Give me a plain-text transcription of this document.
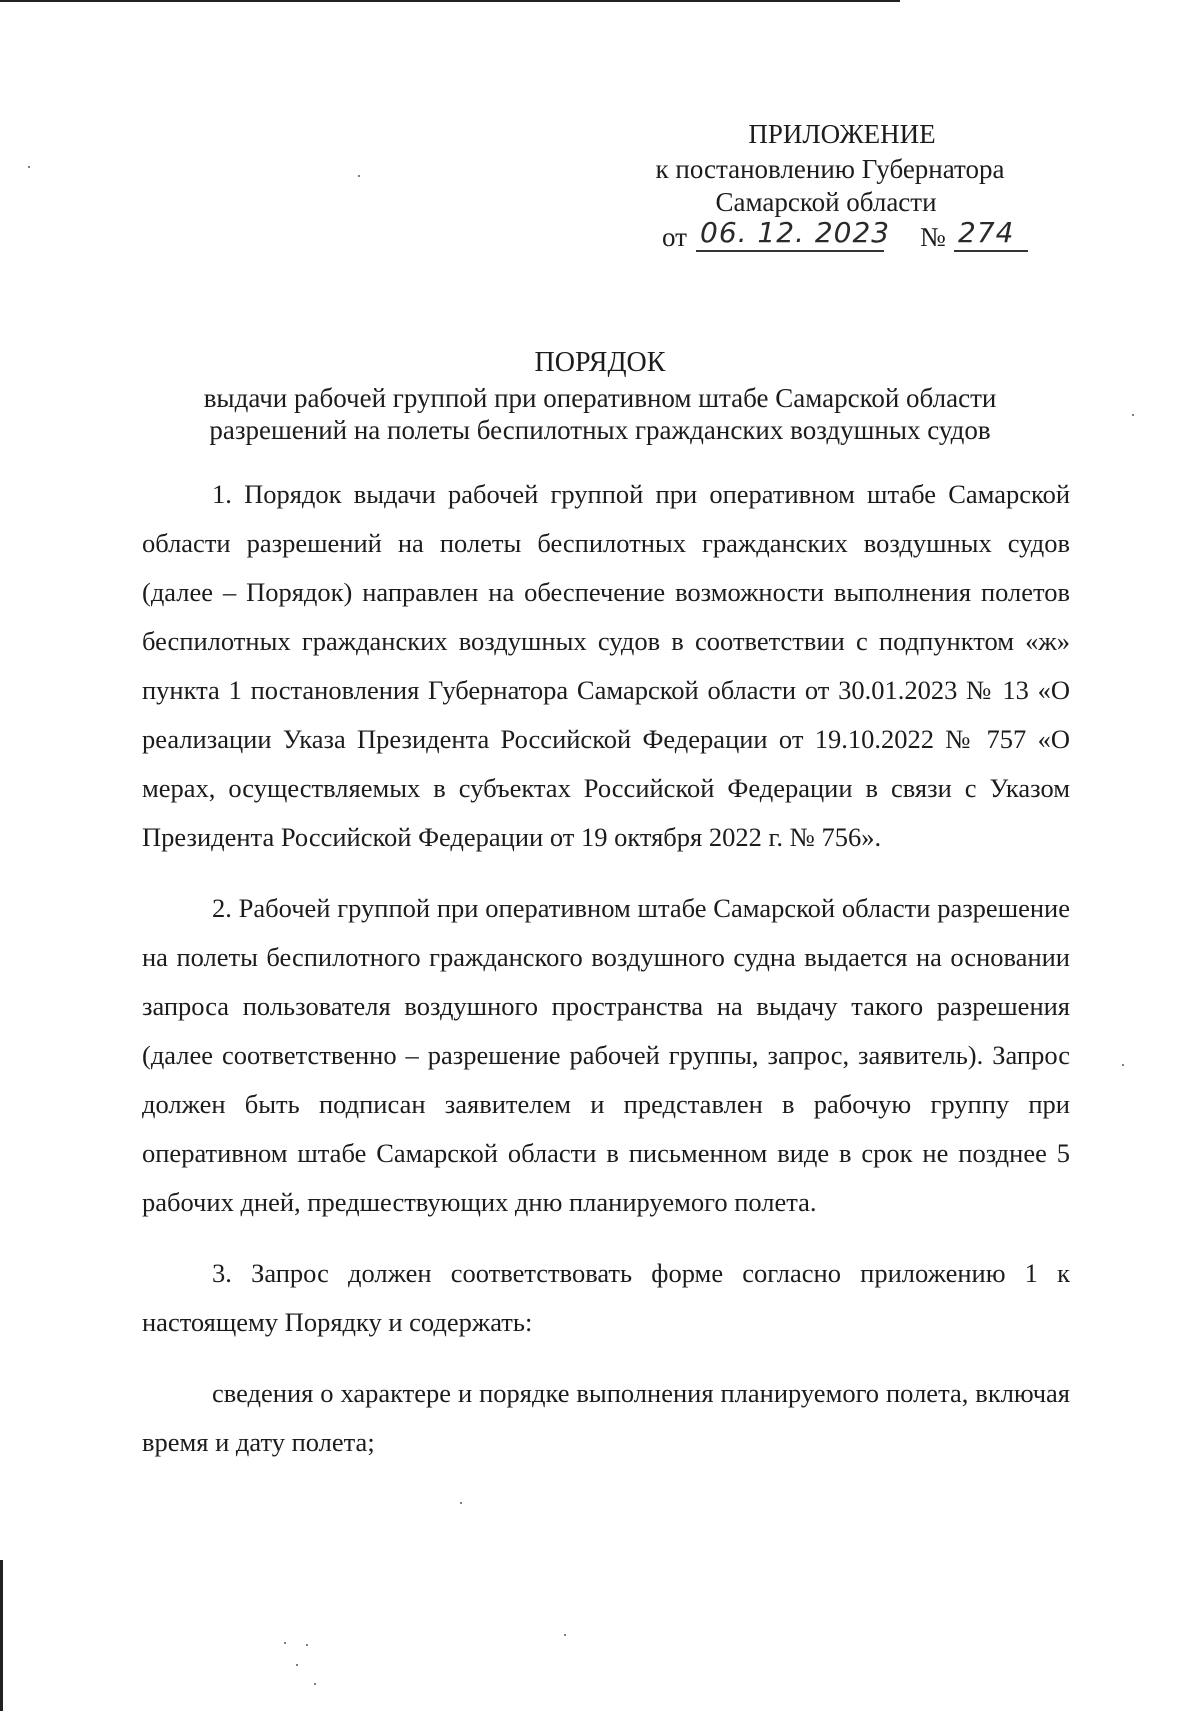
ПРИЛОЖЕНИЕ
к постановлению Губернатора
Самарской области
от 06. 12. 2023 № 274
ПОРЯДОК
выдачи рабочей группой при оперативном штабе Самарской области
разрешений на полеты беспилотных гражданских воздушных судов

1. Порядок выдачи рабочей группой при оперативном штабе Самарской области разрешений на полеты беспилотных гражданских воздушных судов (далее – Порядок) направлен на обеспечение возможности выполнения полетов беспилотных гражданских воздушных судов в соответствии с подпунктом «ж» пункта 1 постановления Губернатора Самарской области от 30.01.2023 № 13 «О реализации Указа Президента Российской Федерации от 19.10.2022 № 757 «О мерах, осуществляемых в субъектах Российской Федерации в связи с Указом Президента Российской Федерации от 19 октября 2022 г. № 756».

2. Рабочей группой при оперативном штабе Самарской области разрешение на полеты беспилотного гражданского воздушного судна выдается на основании запроса пользователя воздушного пространства на выдачу такого разрешения (далее соответственно – разрешение рабочей группы, запрос, заявитель). Запрос должен быть подписан заявителем и представлен в рабочую группу при оперативном штабе Самарской области в письменном виде в срок не позднее 5 рабочих дней, предшествующих дню планируемого полета.

3. Запрос должен соответствовать форме согласно приложению 1 к настоящему Порядку и содержать:

сведения о характере и порядке выполнения планируемого полета, включая время и дату полета;
